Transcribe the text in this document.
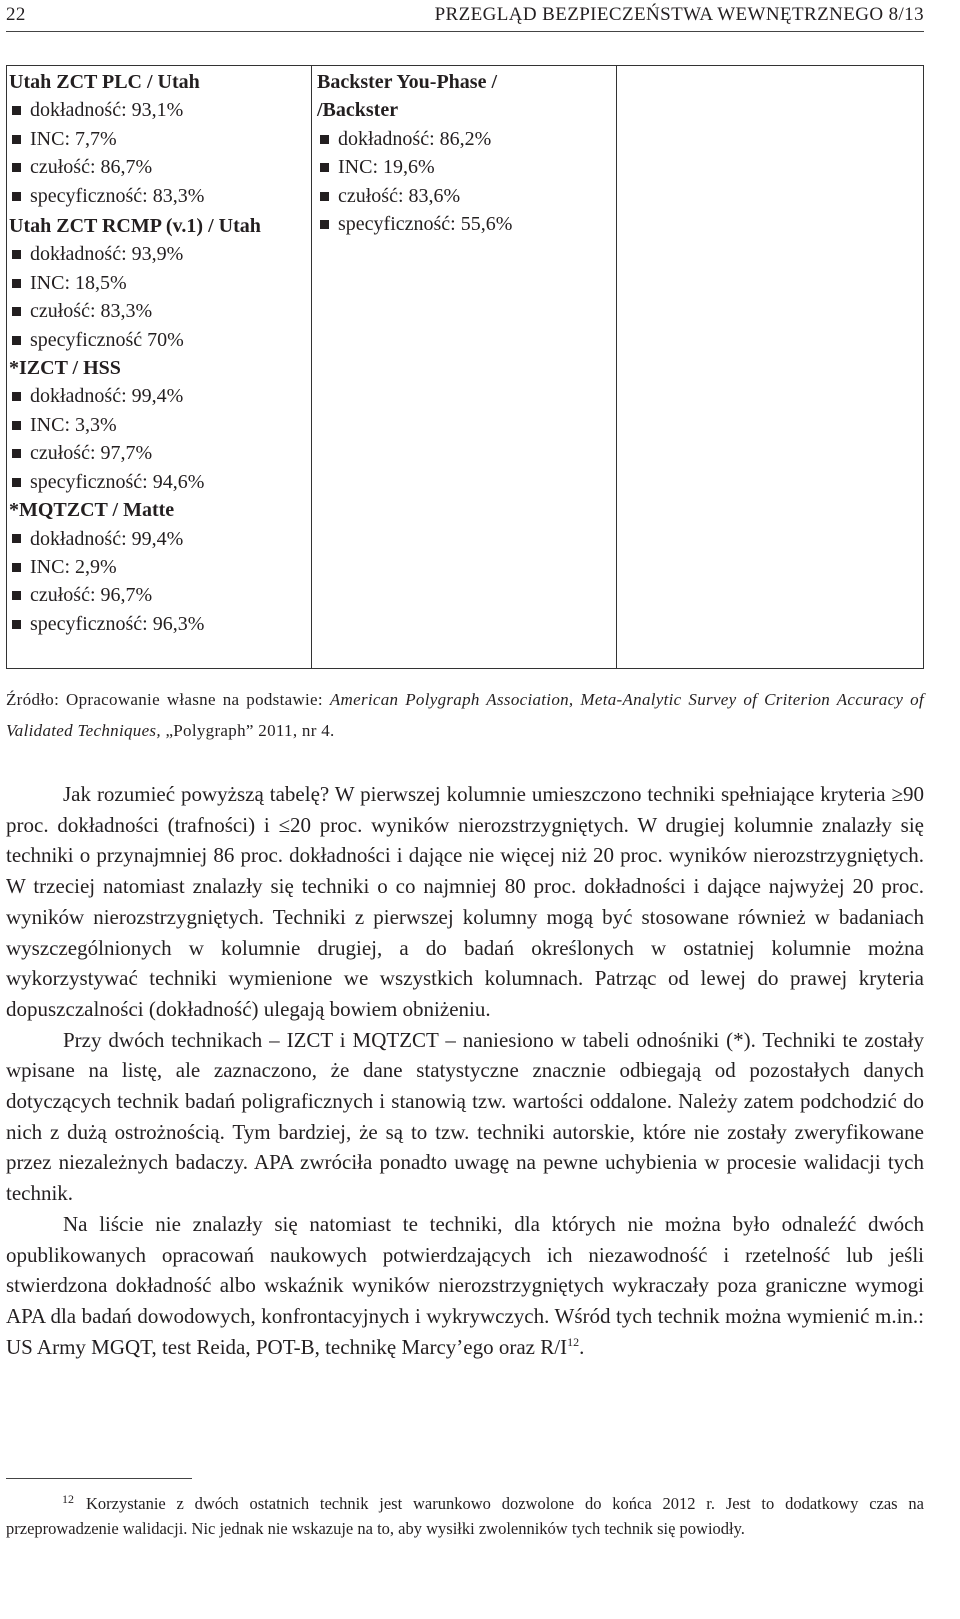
22	PRZEGLĄD BEZPIECZEŃSTWA WEWNĘTRZNEGO 8/13
Utah ZCT PLC / Utah
dokładność: 93,1%
INC: 7,7%
czułość: 86,7%
specyficzność: 83,3%
Utah ZCT RCMP (v.1) / Utah
dokładność: 93,9%
INC: 18,5%
czułość: 83,3%
specyficzność 70%
*IZCT / HSS
dokładność: 99,4%
INC: 3,3%
czułość: 97,7%
specyficzność: 94,6%
*MQTZCT / Matte
dokładność: 99,4%
INC: 2,9%
czułość: 96,7%
specyficzność: 96,3%
Backster You-Phase /
/Backster
dokładność: 86,2%
INC: 19,6%
czułość: 83,6%
specyficzność: 55,6%
Źródło: Opracowanie własne na podstawie: American Polygraph Association, Meta-Analytic Survey of Criterion Accuracy of Validated Techniques, „Polygraph” 2011, nr 4.

Jak rozumieć powyższą tabelę? W pierwszej kolumnie umieszczono techniki spełniające kryteria ≥90 proc. dokładności (trafności) i ≤20 proc. wyników nierozstrzygniętych. W drugiej kolumnie znalazły się techniki o przynajmniej 86 proc. dokładności i dające nie więcej niż 20 proc. wyników nierozstrzygniętych. W trzeciej natomiast znalazły się techniki o co najmniej 80 proc. dokładności i dające najwyżej 20 proc. wyników nierozstrzygniętych. Techniki z pierwszej kolumny mogą być stosowane również w badaniach wyszczególnionych w kolumnie drugiej, a do badań określonych w ostatniej kolumnie można wykorzystywać techniki wymienione we wszystkich kolumnach. Patrząc od lewej do prawej kryteria dopuszczalności (dokładność) ulegają bowiem obniżeniu.

Przy dwóch technikach – IZCT i MQTZCT – naniesiono w tabeli odnośniki (*). Techniki te zostały wpisane na listę, ale zaznaczono, że dane statystyczne znacznie odbiegają od pozostałych danych dotyczących technik badań poligraficznych i stanowią tzw. wartości oddalone. Należy zatem podchodzić do nich z dużą ostrożnością. Tym bardziej, że są to tzw. techniki autorskie, które nie zostały zweryfikowane przez niezależnych badaczy. APA zwróciła ponadto uwagę na pewne uchybienia w procesie walidacji tych technik.

Na liście nie znalazły się natomiast te techniki, dla których nie można było odnaleźć dwóch opublikowanych opracowań naukowych potwierdzających ich niezawodność i rzetelność lub jeśli stwierdzona dokładność albo wskaźnik wyników nierozstrzygniętych wykraczały poza graniczne wymogi APA dla badań dowodowych, konfrontacyjnych i wykrywczych. Wśród tych technik można wymienić m.in.: US Army MGQT, test Reida, POT-B, technikę Marcy’ego oraz $R/I^{12}$.

$^{12}$ Korzystanie z dwóch ostatnich technik jest warunkowo dozwolone do końca 2012 r. Jest to dodatkowy czas na przeprowadzenie walidacji. Nic jednak nie wskazuje na to, aby wysiłki zwolenników tych technik się powiodły.
